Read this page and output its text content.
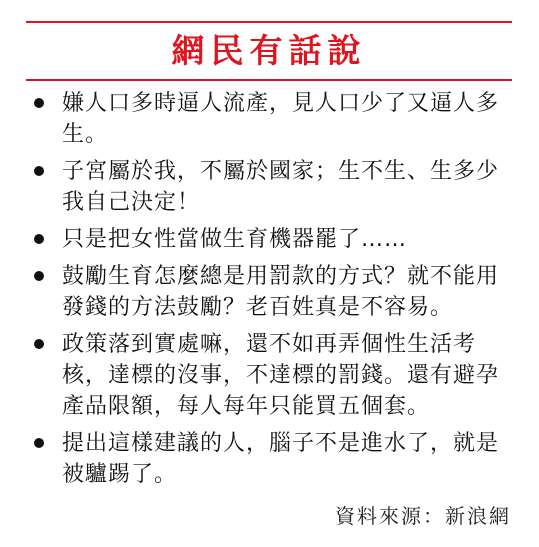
網民有話說
嫌人口多時逼人流產，見人口少了又逼人多生。
子宮屬於我，不屬於國家；生不生、生多少我自己決定！
只是把女性當做生育機器罷了……
鼓勵生育怎麼總是用罰款的方式？就不能用發錢的方法鼓勵？老百姓真是不容易。
政策落到實處嘛，還不如再弄個性生活考核，達標的沒事，不達標的罰錢。還有避孕產品限額，每人每年只能買五個套。
提出這樣建議的人，腦子不是進水了，就是被驢踢了。
資料來源：新浪網
